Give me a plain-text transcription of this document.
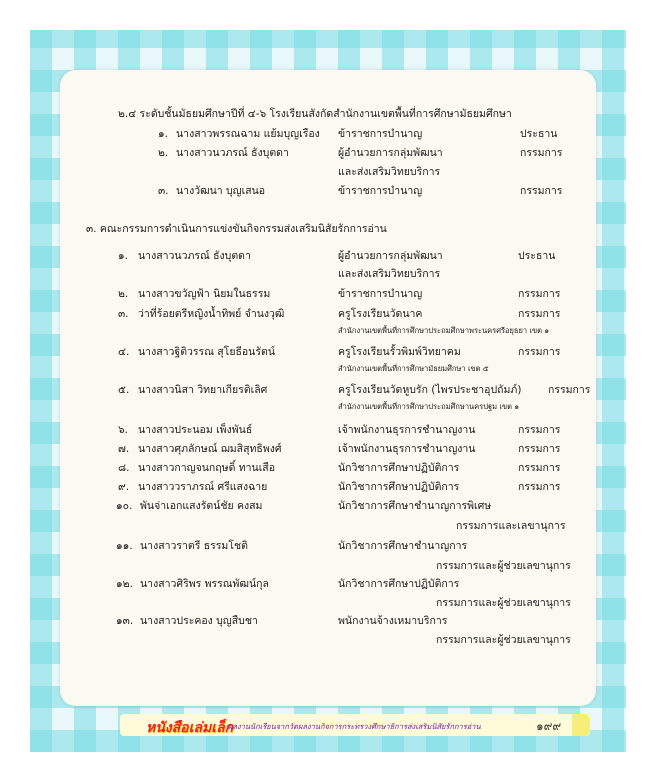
๒.๔ ระดับชั้นมัธยมศึกษาปีที่ ๔-๖ โรงเรียนสังกัดสำนักงานเขตพื้นที่การศึกษามัธยมศึกษา
๑. นางสาวพรรณฉาม แย้มบุญเรือง ข้าราชการบำนาญ	ประธาน
๒. นางสาวนวภรณ์ ธังบุตดา	ผู้อำนวยการกลุ่มพัฒนา	กรรมการ
และส่งเสริมวิทยบริการ
๓. นางวัฒนา บุญเสนอ	ข้าราชการบำนาญ	กรรมการ
๓. คณะกรรมการดำเนินการแข่งขันกิจกรรมส่งเสริมนิสัยรักการอ่าน
๑. นางสาวนวภรณ์ ธังบุตดา	ผู้อำนวยการกลุ่มพัฒนา	ประธาน
และส่งเสริมวิทยบริการ
๒. นางสาวขวัญฟ้า นิยมในธรรม	ข้าราชการบำนาญ	กรรมการ
๓. ว่าที่ร้อยตรีหญิงน้ำทิพย์ จำนงวุฒิ	ครูโรงเรียนวัดนาค	กรรมการ
สำนักงานเขตพื้นที่การศึกษาประถมศึกษาพระนครศรีอยุธยา เขต ๑
๔. นางสาวฐิติวรรณ สุโยธีอนรัตน์	ครูโรงเรียนรั้วพิมพ์วิทยาคม	กรรมการ
สำนักงานเขตพื้นที่การศึกษามัธยมศึกษา เขต ๕
๕. นางสาวนิสา วิทยาเกียรติเลิศ	ครูโรงเรียนวัดหูบรัก (ไพรประชาอุปถัมภ์)	กรรมการ
สำนักงานเขตพื้นที่การศึกษาประถมศึกษานครปฐม เขต ๑
๖. นางสาวประนอม เพ็งพันธ์	เจ้าพนักงานธุรการชำนาญงาน	กรรมการ
๗. นางสาวศุภลักษณ์ ฌมสิสุทธิพงศ์	เจ้าพนักงานธุรการชำนาญงาน	กรรมการ
๘. นางสาวกาญจนกฤษดิ์ ทานเสือ	นักวิชาการศึกษาปฏิบัติการ	กรรมการ
๙. นางสาววราภรณ์ ศรีแสงฉาย	นักวิชาการศึกษาปฏิบัติการ	กรรมการ
๑๐. พันจ่าเอกแสงรัตน์ชัย คงสม	นักวิชาการศึกษาชำนาญการพิเศษ
กรรมการและเลขานุการ
๑๑. นางสาวราตรี ธรรมโชติ	นักวิชาการศึกษาชำนาญการ
กรรมการและผู้ช่วยเลขานุการ
๑๒. นางสาวศิริพร พรรณพัฒน์กุล	นักวิชาการศึกษาปฏิบัติการ
กรรมการและผู้ช่วยเลขานุการ
๑๓. นางสาวประคอง บุญสืบชา	พนักงานจ้างเหมาบริการ
กรรมการและผู้ช่วยเลขานุการ
หนังสือเล่มเล็ก
ผลงานนักเรียนจากวัดผลงานกิจการกระทรวงศึกษาธิการส่งเสริมนิสัยรักการอ่าน	๑๙๙
